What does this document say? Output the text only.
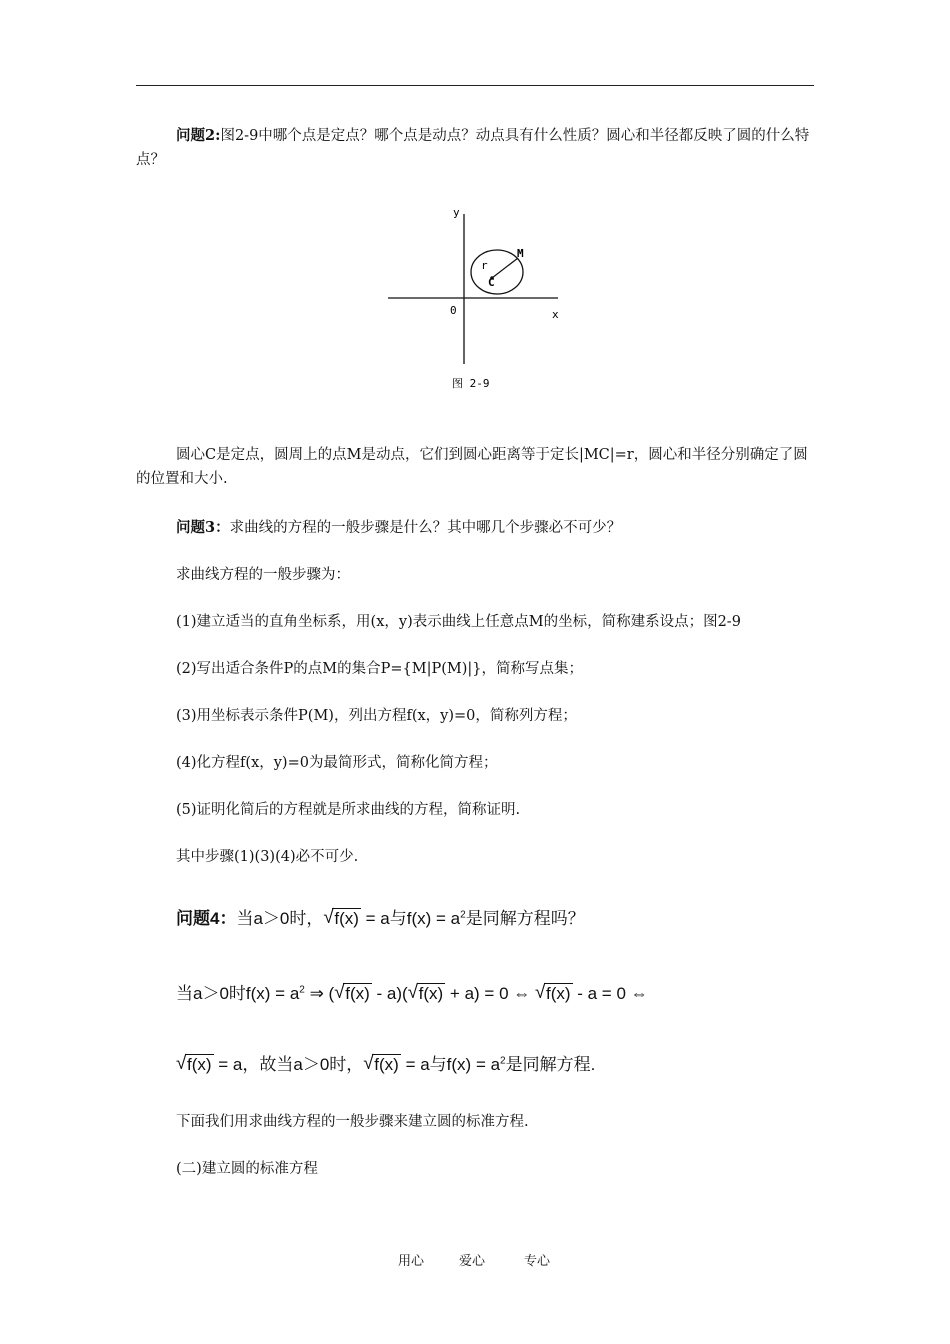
问题2:图2-9中哪个点是定点？哪个点是动点？动点具有什么性质？圆心和半径都反映了圆的什么特点？

y
x
0
M
r
C
图 2-9

圆心C是定点，圆周上的点M是动点，它们到圆心距离等于定长|MC|=r，圆心和半径分别确定了圆的位置和大小.

问题3：求曲线的方程的一般步骤是什么？其中哪几个步骤必不可少？

求曲线方程的一般步骤为：

(1)建立适当的直角坐标系，用(x，y)表示曲线上任意点M的坐标，简称建系设点；图2-9

(2)写出适合条件P的点M的集合P={M|P(M)|}，简称写点集；

(3)用坐标表示条件P(M)，列出方程f(x，y)=0，简称列方程；

(4)化方程f(x，y)=0为最简形式，简称化简方程；

(5)证明化简后的方程就是所求曲线的方程，简称证明.

其中步骤(1)(3)(4)必不可少.

问题4：当a＞0时， √ f(x) = a与$f(x) = a^2$是同解方程吗？
当a＞0时$f(x) = a^2$ ⇒ ( √ f(x) - a)( √ f(x) + a) = 0 ⇔ √ f(x) - a = 0 ⇔
√ f(x) = a，故当a＞0时， √ f(x) = a与$f(x) = a^2$是同解方程.

下面我们用求曲线方程的一般步骤来建立圆的标准方程.

(二)建立圆的标准方程

用心	爱心	专心
